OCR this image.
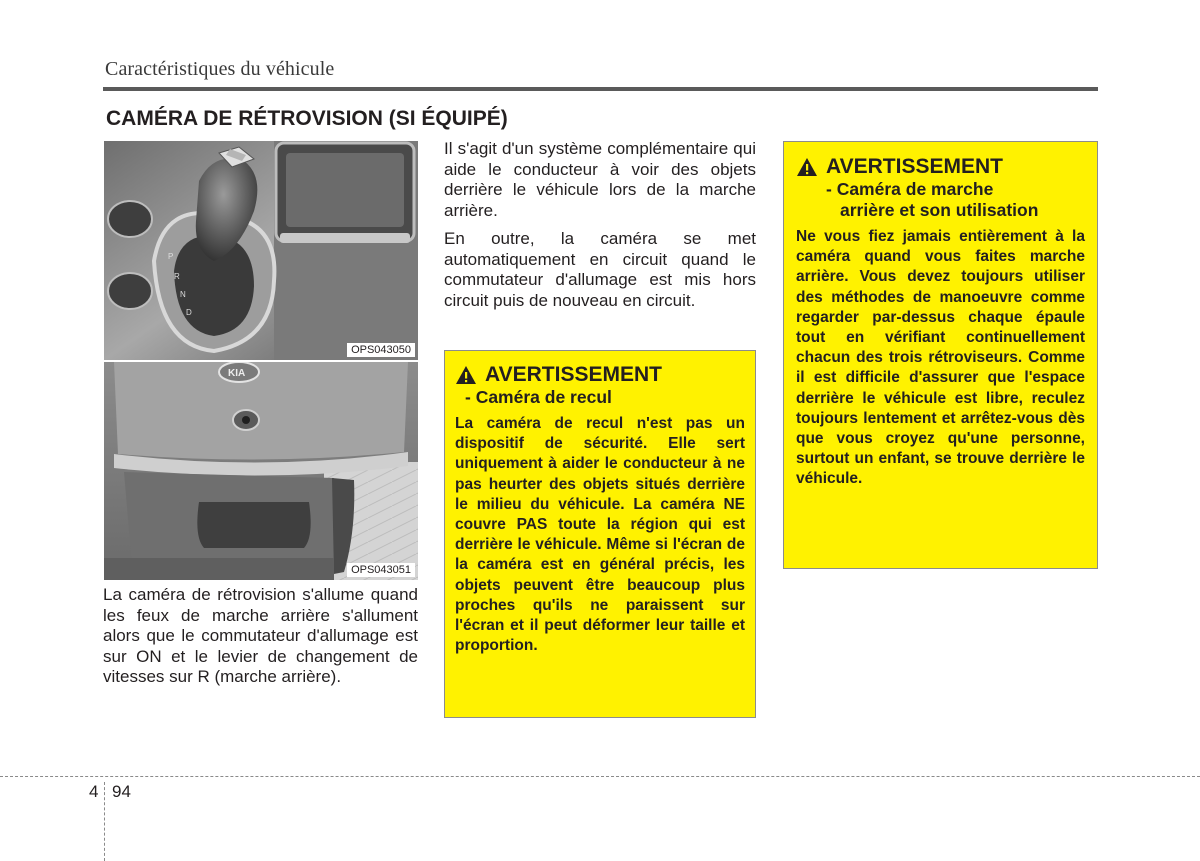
Caractéristiques du véhicule
CAMÉRA DE RÉTROVISION (SI ÉQUIPÉ)
P
R
N
D
OPS043050
KIA
OPS043051
La caméra de rétrovision s'allume quand les feux de marche arrière s'allument alors que le commutateur d'allumage est sur ON et le levier de changement de vitesses sur R (marche arrière).

Il s'agit d'un système complémentaire qui aide le conducteur à voir des objets derrière le véhicule lors de la marche arrière.

En outre, la caméra se met automatiquement en circuit quand le commutateur d'allumage est mis hors circuit puis de nouveau en circuit.

AVERTISSEMENT
- Caméra de recul
La caméra de recul n'est pas un dispositif de sécurité. Elle sert uniquement à aider le conducteur à ne pas heurter des objets situés derrière le milieu du véhicule. La caméra NE couvre PAS toute la région qui est derrière le véhicule. Même si l'écran de la caméra est en général précis, les objets peuvent être beaucoup plus proches qu'ils ne paraissent sur l'écran et il peut déformer leur taille et proportion.
AVERTISSEMENT
- Caméra de marche
arrière et son utilisation
Ne vous fiez jamais entièrement à la caméra quand vous faites marche arrière. Vous devez toujours utiliser des méthodes de manoeuvre comme regarder par-dessus chaque épaule tout en vérifiant continuellement chacun des trois rétroviseurs. Comme il est difficile d'assurer que l'espace derrière le véhicule est libre, reculez toujours lentement et arrêtez-vous dès que vous croyez qu'une personne, surtout un enfant, se trouve derrière le véhicule.
4 94
